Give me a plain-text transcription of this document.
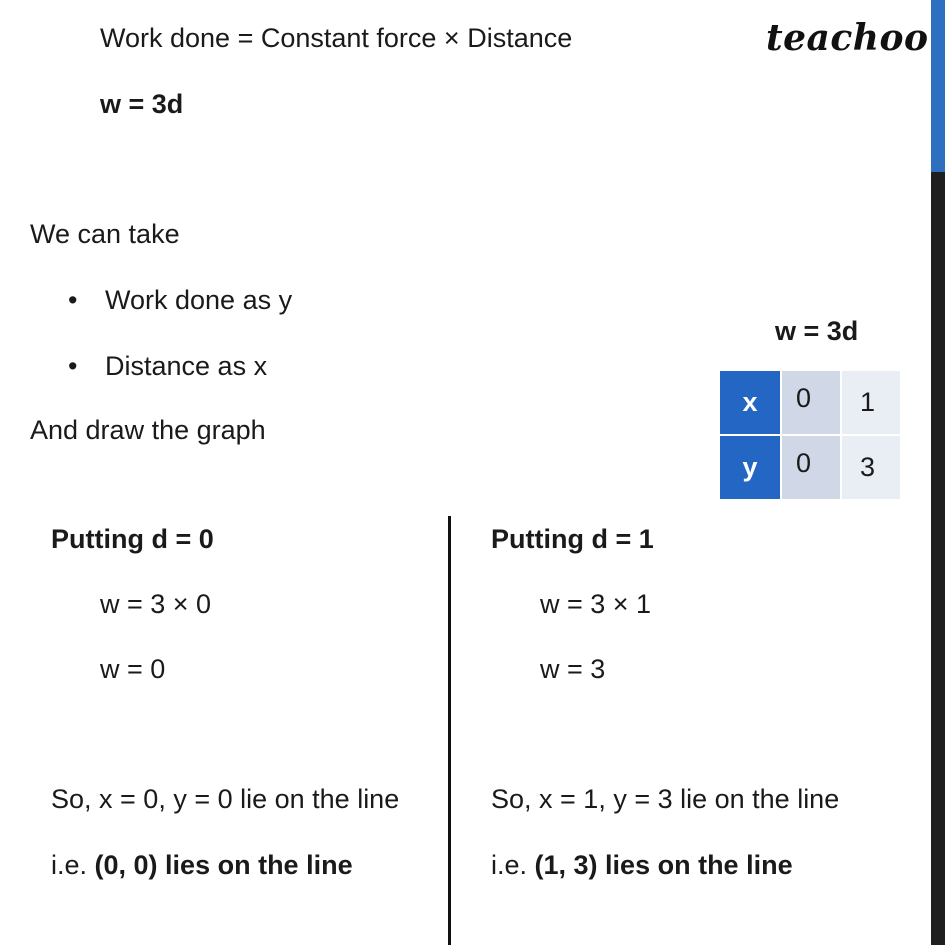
teachoo

Work done = Constant force × Distance

w = 3d

We can take

•	Work done as y
•	Distance as x

And draw the graph

w = 3d
x	0	1
y	0	3

Putting d = 0

w = 3 × 0

w = 0

So, x = 0, y = 0 lie on the line

i.e. (0, 0) lies on the line

Putting d = 1

w = 3 × 1

w = 3

So, x = 1, y = 3 lie on the line

i.e. (1, 3) lies on the line
